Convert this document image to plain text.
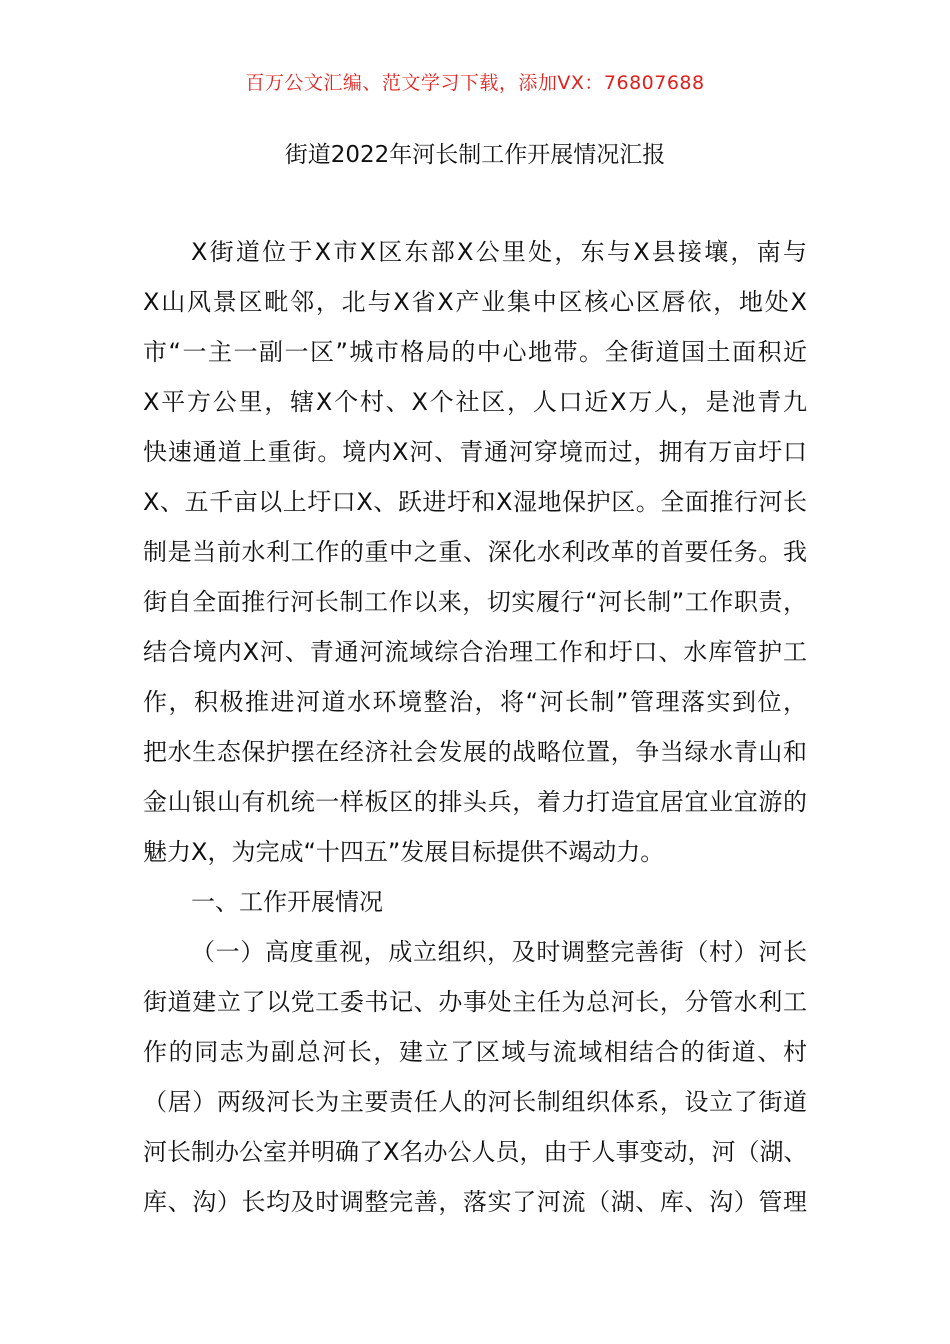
百万公文汇编、范文学习下载，添加VX：76807688
街道2022年河长制工作开展情况汇报
X街道位于X市X区东部X公里处，东与X县接壤，南与
X山风景区毗邻，北与X省X产业集中区核心区唇依，地处X
市“一主一副一区”城市格局的中心地带。全街道国土面积近
X平方公里，辖X个村、X个社区，人口近X万人，是池青九
快速通道上重街。境内X河、青通河穿境而过，拥有万亩圩口
X、五千亩以上圩口X、跃进圩和X湿地保护区。全面推行河长
制是当前水利工作的重中之重、深化水利改革的首要任务。我
街自全面推行河长制工作以来，切实履行“河长制”工作职责，
结合境内X河、青通河流域综合治理工作和圩口、水库管护工
作，积极推进河道水环境整治，将“河长制”管理落实到位，
把水生态保护摆在经济社会发展的战略位置，争当绿水青山和
金山银山有机统一样板区的排头兵，着力打造宜居宜业宜游的
魅力X，为完成“十四五”发展目标提供不竭动力。
一、工作开展情况
（一）高度重视，成立组织，及时调整完善街（村）河长
街道建立了以党工委书记、办事处主任为总河长，分管水利工
作的同志为副总河长，建立了区域与流域相结合的街道、村
（居）两级河长为主要责任人的河长制组织体系，设立了街道
河长制办公室并明确了X名办公人员，由于人事变动，河（湖、
库、沟）长均及时调整完善，落实了河流（湖、库、沟）管理
